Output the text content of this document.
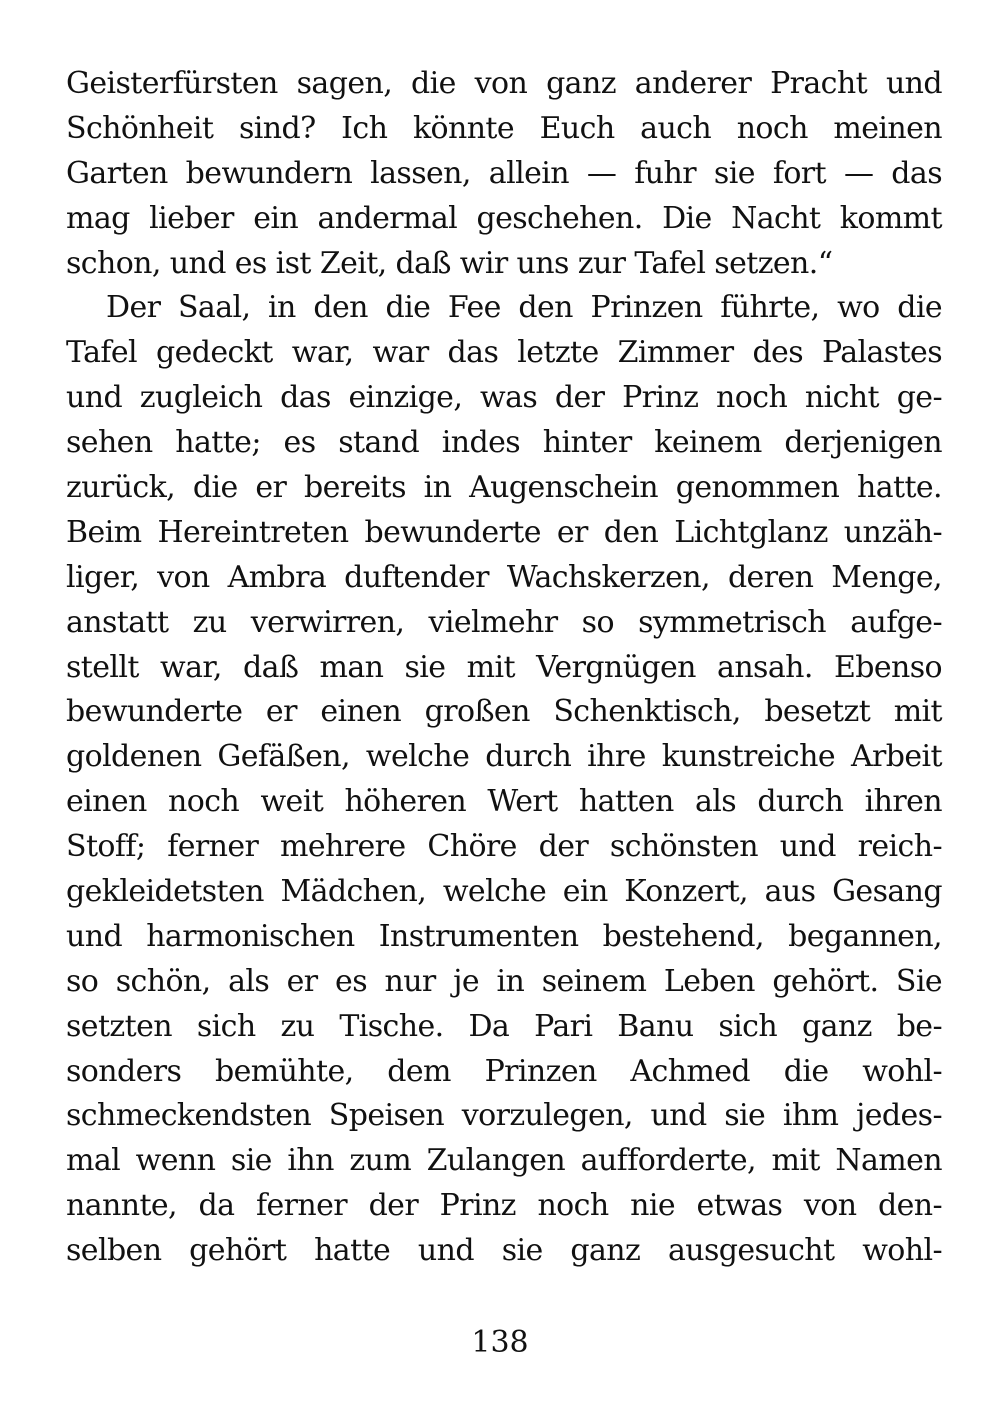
Geisterfürsten sagen, die von ganz anderer Pracht und
Schönheit sind? Ich könnte Euch auch noch meinen
Garten bewundern lassen, allein — fuhr sie fort — das
mag lieber ein andermal geschehen. Die Nacht kommt
schon, und es ist Zeit, daß wir uns zur Tafel setzen.“
Der Saal, in den die Fee den Prinzen führte, wo die
Tafel gedeckt war, war das letzte Zimmer des Palastes
und zugleich das einzige, was der Prinz noch nicht ge-
sehen hatte; es stand indes hinter keinem derjenigen
zurück, die er bereits in Augenschein genommen hatte.
Beim Hereintreten bewunderte er den Lichtglanz unzäh-
liger, von Ambra duftender Wachskerzen, deren Menge,
anstatt zu verwirren, vielmehr so symmetrisch aufge-
stellt war, daß man sie mit Vergnügen ansah. Ebenso
bewunderte er einen großen Schenktisch, besetzt mit
goldenen Gefäßen, welche durch ihre kunstreiche Arbeit
einen noch weit höheren Wert hatten als durch ihren
Stoff; ferner mehrere Chöre der schönsten und reich-
gekleidetsten Mädchen, welche ein Konzert, aus Gesang
und harmonischen Instrumenten bestehend, begannen,
so schön, als er es nur je in seinem Leben gehört. Sie
setzten sich zu Tische. Da Pari Banu sich ganz be-
sonders bemühte, dem Prinzen Achmed die wohl-
schmeckendsten Speisen vorzulegen, und sie ihm jedes-
mal wenn sie ihn zum Zulangen aufforderte, mit Namen
nannte, da ferner der Prinz noch nie etwas von den-
selben gehört hatte und sie ganz ausgesucht wohl-
138
